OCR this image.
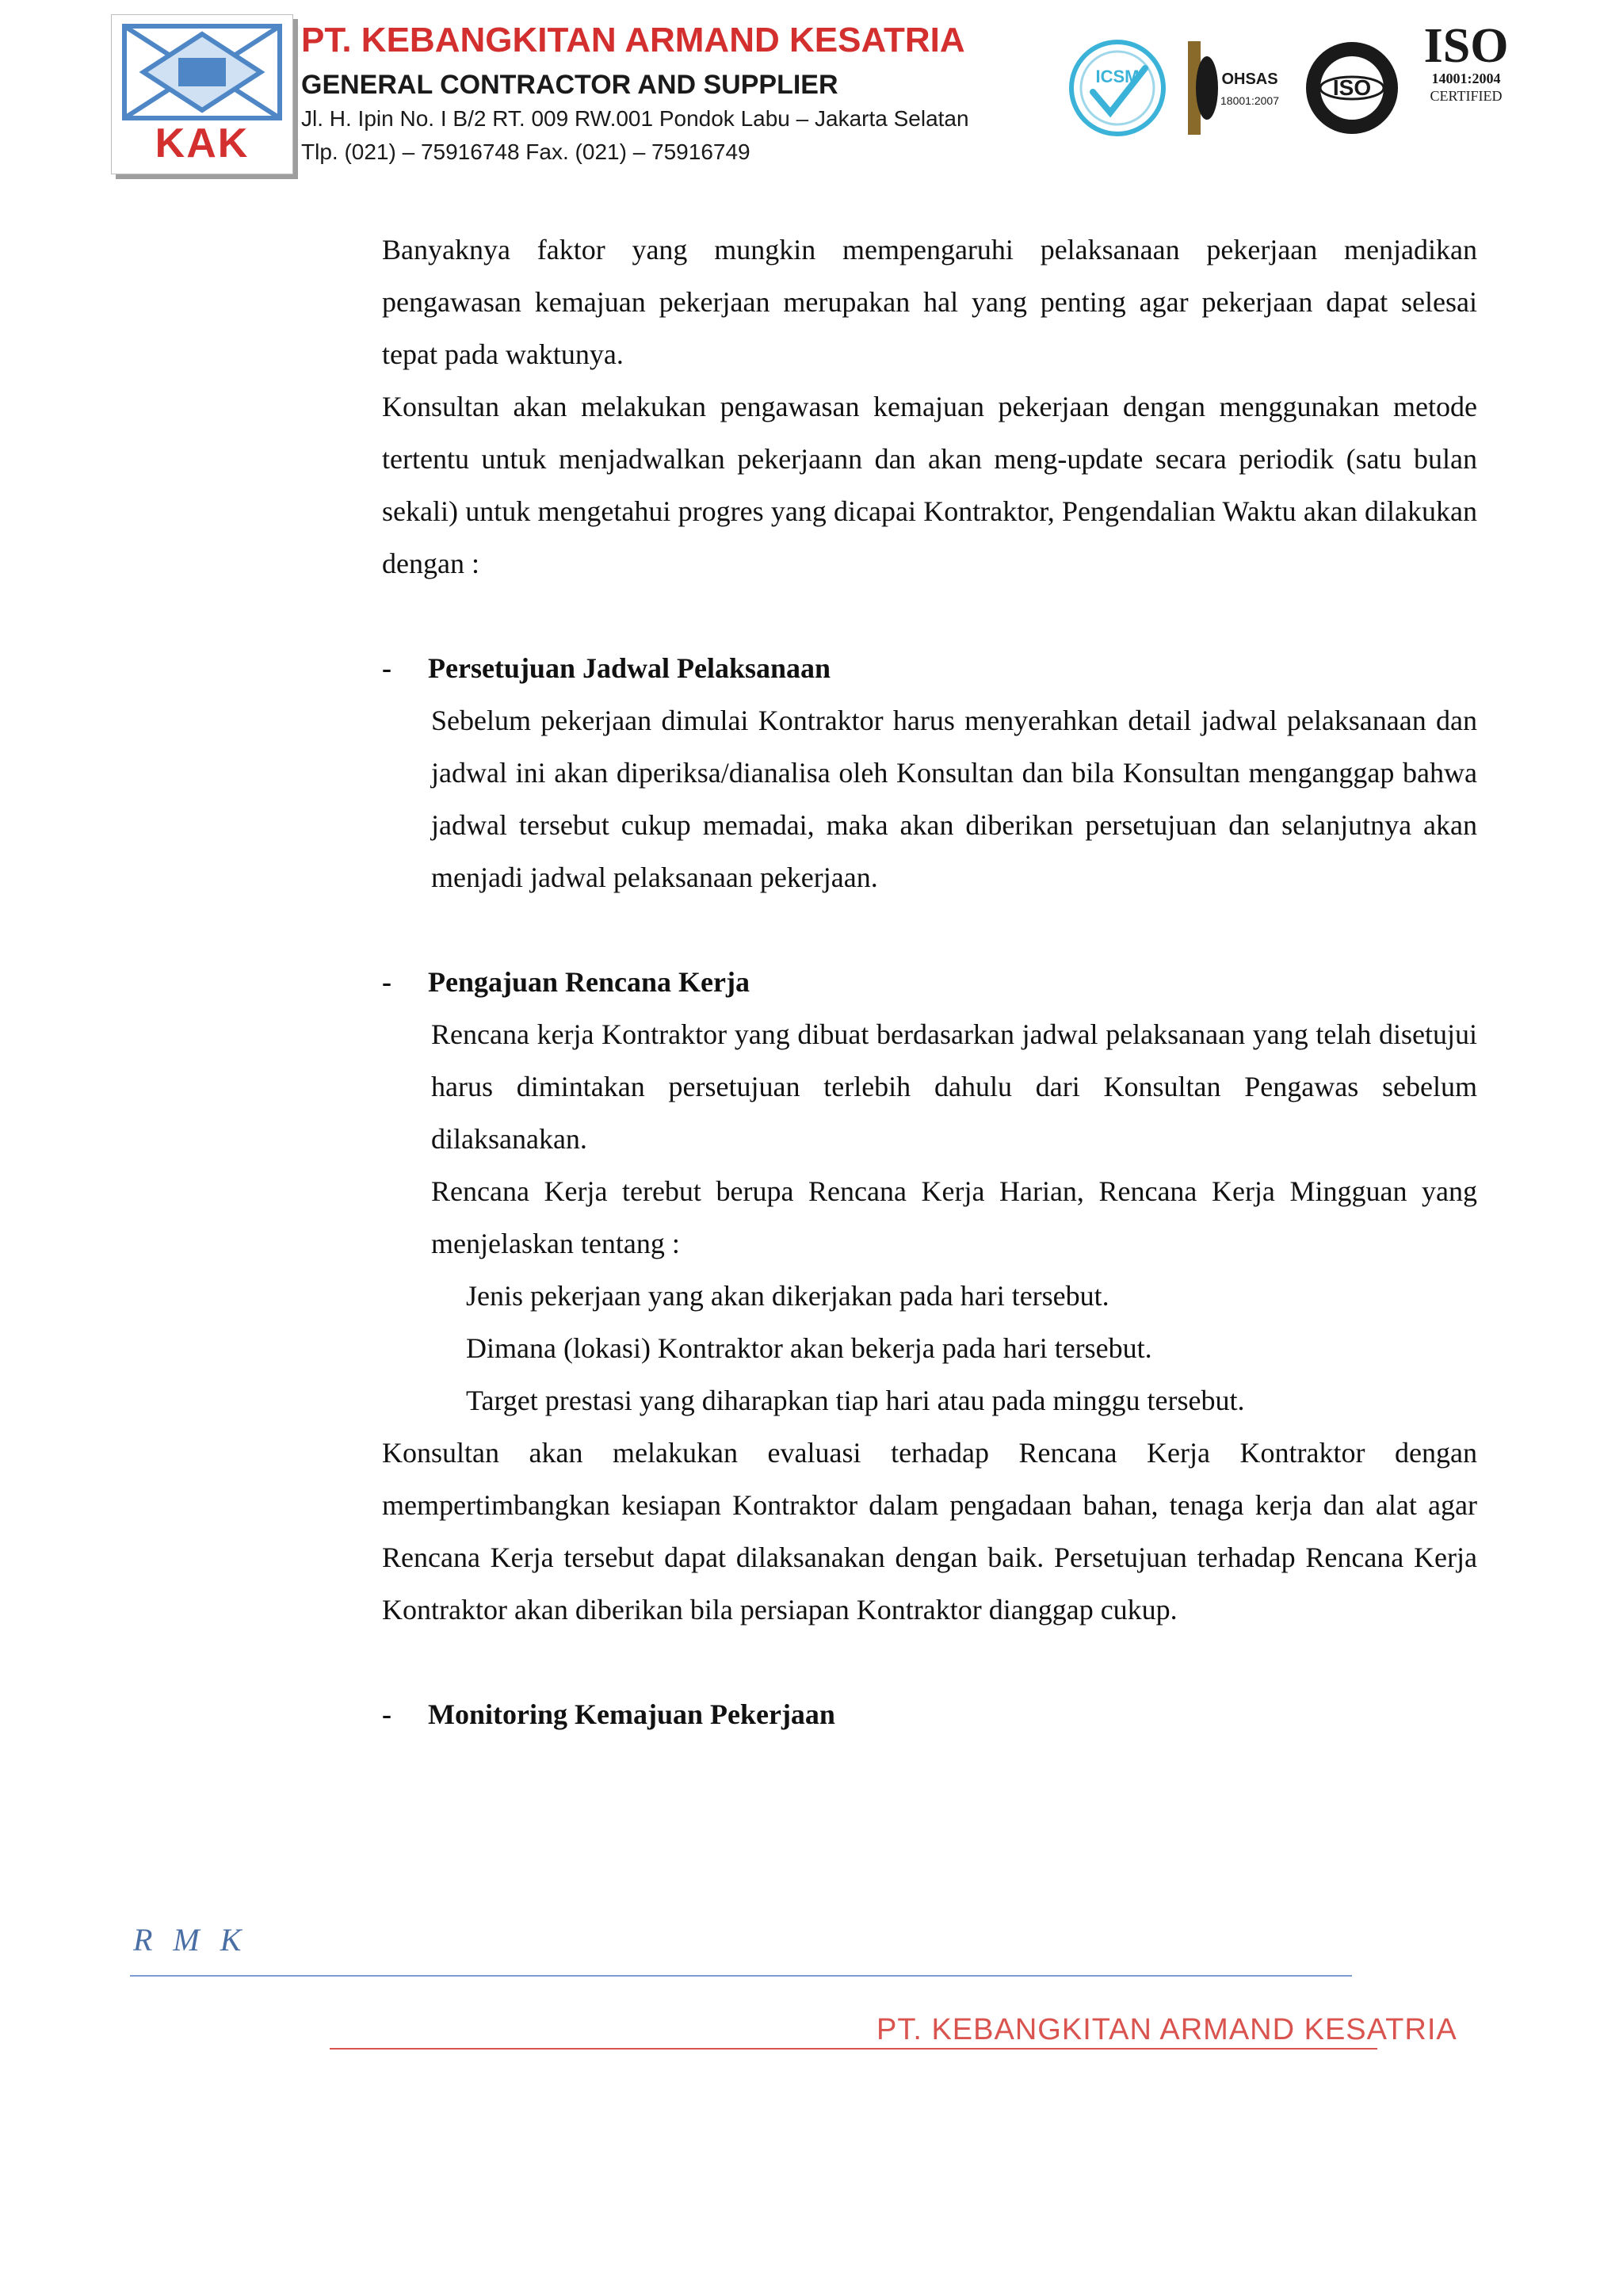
KAK
PT. KEBANGKITAN ARMAND KESATRIA
GENERAL CONTRACTOR AND SUPPLIER
Jl. H. Ipin No. I B/2 RT. 009 RW.001 Pondok Labu – Jakarta Selatan
Tlp. (021) – 75916748 Fax. (021) – 75916749
ICSM	OHSAS
18001:2007
ISO
ISO
14001:2004
CERTIFIED

Banyaknya faktor yang mungkin mempengaruhi pelaksanaan pekerjaan menjadikan pengawasan kemajuan pekerjaan merupakan hal yang penting agar pekerjaan dapat selesai tepat pada waktunya.

Konsultan akan melakukan pengawasan kemajuan pekerjaan dengan menggunakan metode tertentu untuk menjadwalkan pekerjaann dan akan meng-update secara periodik (satu bulan sekali) untuk mengetahui progres yang dicapai Kontraktor, Pengendalian Waktu akan dilakukan dengan :

- Persetujuan Jadwal Pelaksanaan

Sebelum pekerjaan dimulai Kontraktor harus menyerahkan detail jadwal pelaksanaan dan jadwal ini akan diperiksa/dianalisa oleh Konsultan dan bila Konsultan menganggap bahwa jadwal tersebut cukup memadai, maka akan diberikan persetujuan dan selanjutnya akan menjadi jadwal pelaksanaan pekerjaan.

- Pengajuan Rencana Kerja

Rencana kerja Kontraktor yang dibuat berdasarkan jadwal pelaksanaan yang telah disetujui harus dimintakan persetujuan terlebih dahulu dari Konsultan Pengawas sebelum dilaksanakan.

Rencana Kerja terebut berupa Rencana Kerja Harian, Rencana Kerja Mingguan yang menjelaskan tentang :

Jenis pekerjaan yang akan dikerjakan pada hari tersebut.

Dimana (lokasi) Kontraktor akan bekerja pada hari tersebut.

Target prestasi yang diharapkan tiap hari atau pada minggu tersebut.

Konsultan akan melakukan evaluasi terhadap Rencana Kerja Kontraktor dengan mempertimbangkan kesiapan Kontraktor dalam pengadaan bahan, tenaga kerja dan alat agar Rencana Kerja tersebut dapat dilaksanakan dengan baik. Persetujuan terhadap Rencana Kerja Kontraktor akan diberikan bila persiapan Kontraktor dianggap cukup.

- Monitoring Kemajuan Pekerjaan

R M K
PT. KEBANGKITAN ARMAND KESATRIA
